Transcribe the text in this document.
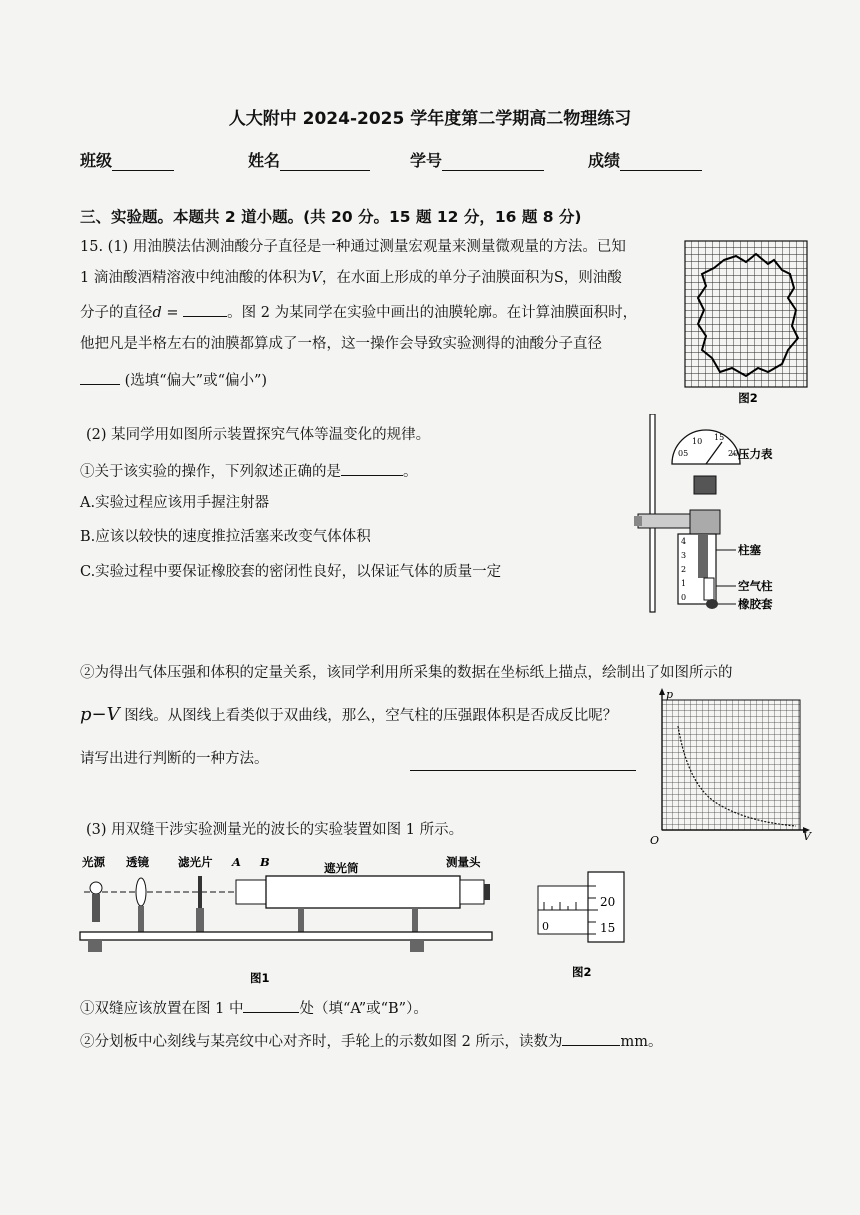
人大附中 2024-2025 学年度第二学期高二物理练习
班级	姓名	学号	成绩
三、实验题。本题共 2 道小题。(共 20 分。15 题 12 分，16 题 8 分)
15. (1) 用油膜法估测油酸分子直径是一种通过测量宏观量来测量微观量的方法。已知
1 滴油酸酒精溶液中纯油酸的体积为V，在水面上形成的单分子油膜面积为S，则油酸
分子的直径d =	。图 2 为某同学在实验中画出的油膜轮廓。在计算油膜面积时，
他把凡是半格左右的油膜都算成了一格，这一操作会导致实验测得的油酸分子直径
(选填“偏大”或“偏小”)
图2
(2) 某同学用如图所示装置探究气体等温变化的规律。
①关于该实验的操作，下列叙述正确的是	。
A.实验过程应该用手握注射器
B.应该以较快的速度推拉活塞来改变气体体积
C.实验过程中要保证橡胶套的密闭性良好，以保证气体的质量一定
05
10 15
20
4
3
2
1
0
压力表
柱塞
空气柱
橡胶套
②为得出气体压强和体积的定量关系，该同学利用所采集的数据在坐标纸上描点，绘制出了如图所示的
p−V 图线。从图线上看类似于双曲线，那么，空气柱的压强跟体积是否成反比呢？
请写出进行判断的一种方法。
p
V
O
(3) 用双缝干涉实验测量光的波长的实验装置如图 1 所示。
光源 透镜	滤光片 A B	遮光筒	测量头
图1
0
20
15
图2
①双缝应该放置在图 1 中	处（填“A”或“B”）。
②分划板中心刻线与某亮纹中心对齐时，手轮上的示数如图 2 所示，读数为	mm。
